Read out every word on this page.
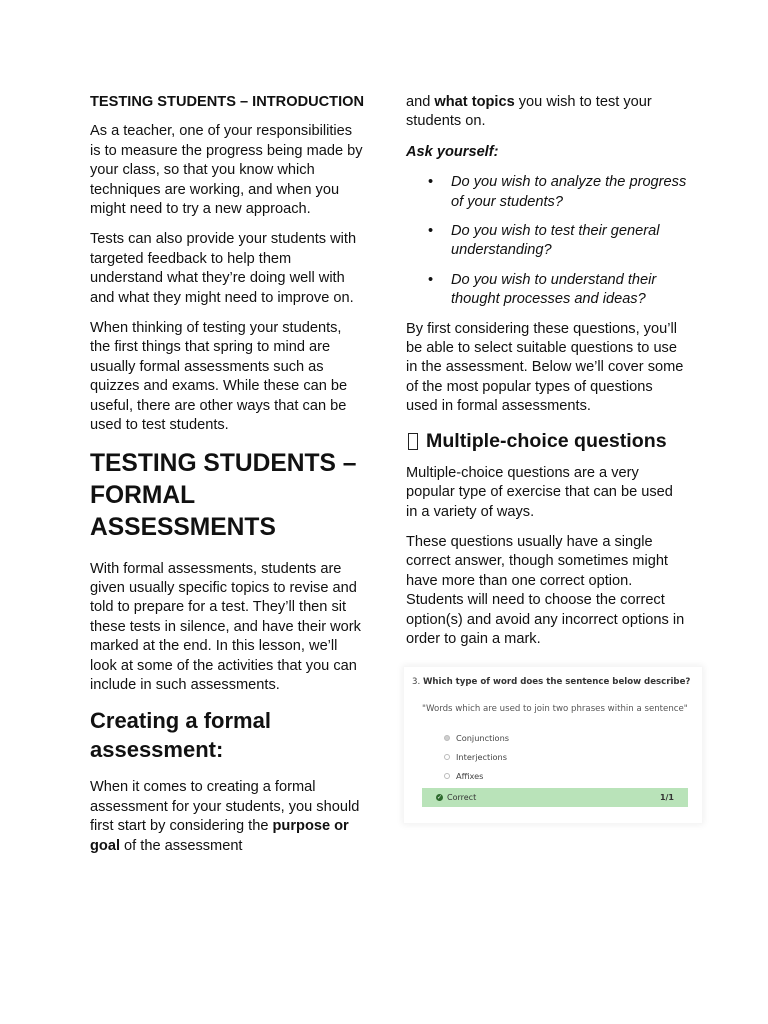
TESTING STUDENTS – INTRODUCTION

As a teacher, one of your responsibilities is to measure the progress being made by your class, so that you know which techniques are working, and when you might need to try a new approach.

Tests can also provide your students with targeted feedback to help them understand what they’re doing well with and what they might need to improve on.

When thinking of testing your students, the first things that spring to mind are usually formal assessments such as quizzes and exams. While these can be useful, there are other ways that can be used to test students.

TESTING STUDENTS – FORMAL ASSESSMENTS

With formal assessments, students are given usually specific topics to revise and told to prepare for a test. They’ll then sit these tests in silence, and have their work marked at the end. In this lesson, we’ll look at some of the activities that you can include in such assessments.

Creating a formal assessment:

When it comes to creating a formal assessment for your students, you should first start by considering the purpose or goal of the assessment

and what topics you wish to test your students on.

Ask yourself:

• Do you wish to analyze the progress of your students?
• Do you wish to test their general understanding?
• Do you wish to understand their thought processes and ideas?

By first considering these questions, you’ll be able to select suitable questions to use in the assessment. Below we’ll cover some of the most popular types of questions used in formal assessments.

Multiple-choice questions

Multiple-choice questions are a very popular type of exercise that can be used in a variety of ways.

These questions usually have a single correct answer, though sometimes might have more than one correct option. Students will need to choose the correct option(s) and avoid any incorrect options in order to gain a mark.

3. Which type of word does the sentence below describe?
"Words which are used to join two phrases within a sentence"
Conjunctions
Interjections
Affixes
✓ Correct	1/1
